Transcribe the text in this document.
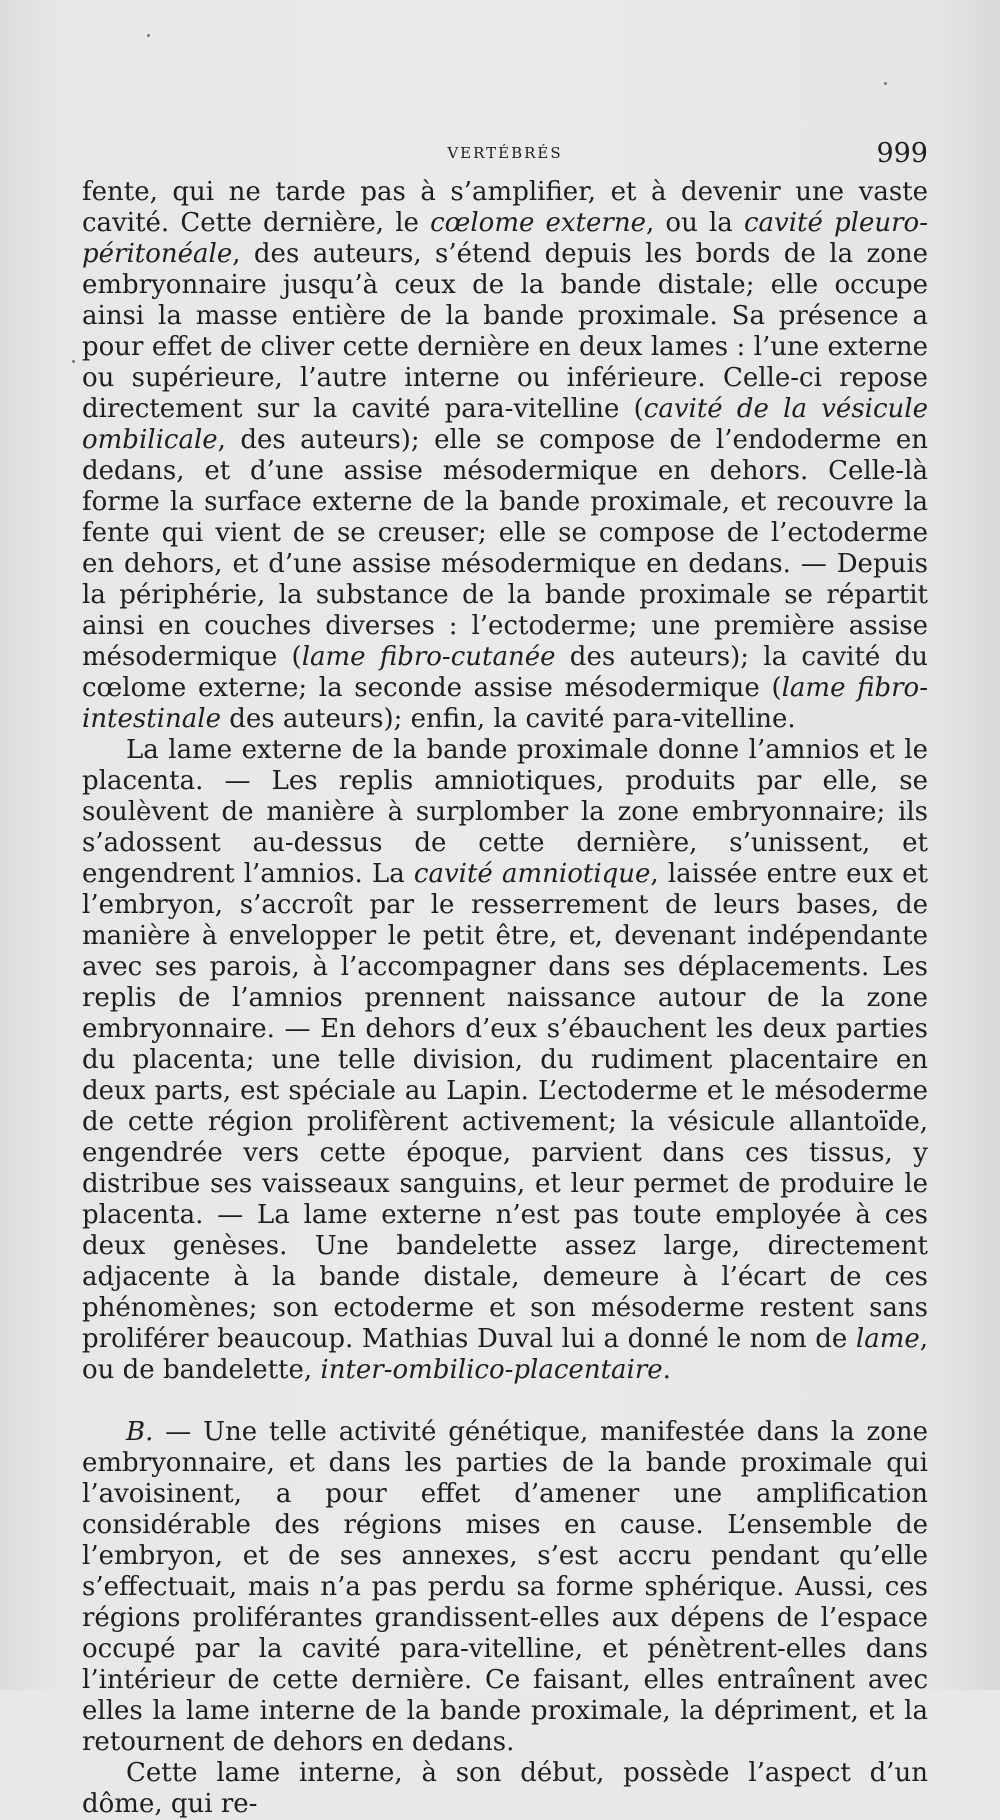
VERTÉBRÉS	999

fente, qui ne tarde pas à s’amplifier, et à devenir une vaste cavité. Cette dernière, le cœlome externe, ou la cavité pleuro-péritonéale, des auteurs, s’étend depuis les bords de la zone embryonnaire jusqu’à ceux de la bande distale; elle occupe ainsi la masse entière de la bande proximale. Sa présence a pour effet de cliver cette dernière en deux lames : l’une externe ou supérieure, l’autre interne ou inférieure. Celle-ci repose directement sur la cavité para-vitelline (cavité de la vésicule ombilicale, des auteurs); elle se compose de l’endoderme en dedans, et d’une assise mésodermique en dehors. Celle-là forme la surface externe de la bande proximale, et recouvre la fente qui vient de se creuser; elle se compose de l’ectoderme en dehors, et d’une assise mésodermique en dedans. — Depuis la périphérie, la substance de la bande proximale se répartit ainsi en couches diverses : l’ectoderme; une première assise mésodermique (lame fibro-cutanée des auteurs); la cavité du cœlome externe; la seconde assise mésodermique (lame fibro-intestinale des auteurs); enfin, la cavité para-vitelline.

La lame externe de la bande proximale donne l’amnios et le placenta. — Les replis amniotiques, produits par elle, se soulèvent de manière à surplomber la zone embryonnaire; ils s’adossent au-dessus de cette dernière, s’unissent, et engendrent l’amnios. La cavité amniotique, laissée entre eux et l’embryon, s’accroît par le resserrement de leurs bases, de manière à envelopper le petit être, et, devenant indépendante avec ses parois, à l’accompagner dans ses déplacements. Les replis de l’amnios prennent naissance autour de la zone embryonnaire. — En dehors d’eux s’ébauchent les deux parties du placenta; une telle division, du rudiment placentaire en deux parts, est spéciale au Lapin. L’ectoderme et le mésoderme de cette région prolifèrent activement; la vésicule allantoïde, engendrée vers cette époque, parvient dans ces tissus, y distribue ses vaisseaux sanguins, et leur permet de produire le placenta. — La lame externe n’est pas toute employée à ces deux genèses. Une bandelette assez large, directement adjacente à la bande distale, demeure à l’écart de ces phénomènes; son ectoderme et son mésoderme restent sans proliférer beaucoup. Mathias Duval lui a donné le nom de lame, ou de bandelette, inter-ombilico-placentaire.

B. — Une telle activité génétique, manifestée dans la zone embryonnaire, et dans les parties de la bande proximale qui l’avoisinent, a pour effet d’amener une amplification considérable des régions mises en cause. L’ensemble de l’embryon, et de ses annexes, s’est accru pendant qu’elle s’effectuait, mais n’a pas perdu sa forme sphérique. Aussi, ces régions proliférantes grandissent-elles aux dépens de l’espace occupé par la cavité para-vitelline, et pénètrent-elles dans l’intérieur de cette dernière. Ce faisant, elles entraînent avec elles la lame interne de la bande proximale, la dépriment, et la retournent de dehors en dedans.

Cette lame interne, à son début, possède l’aspect d’un dôme, qui re-
